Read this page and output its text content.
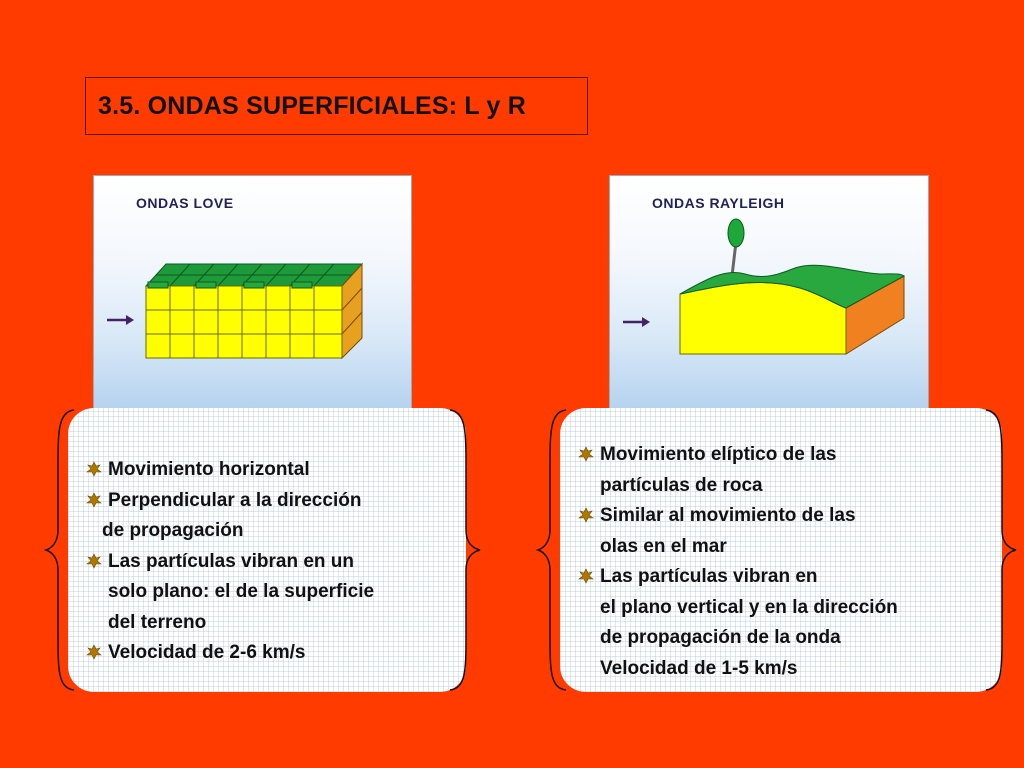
3.5. ONDAS SUPERFICIALES: L y R
ONDAS LOVE	ONDAS RAYLEIGH
Movimiento horizontal
Perpendicular a la dirección
de propagación
Las partículas vibran en un
solo plano: el de la superficie
del terreno
Velocidad de 2-6 km/s
Movimiento elíptico de las
partículas de roca
Similar al movimiento de las
olas en el mar
Las partículas vibran en
el plano vertical y en la dirección
de propagación de la onda
Velocidad de 1-5 km/s
